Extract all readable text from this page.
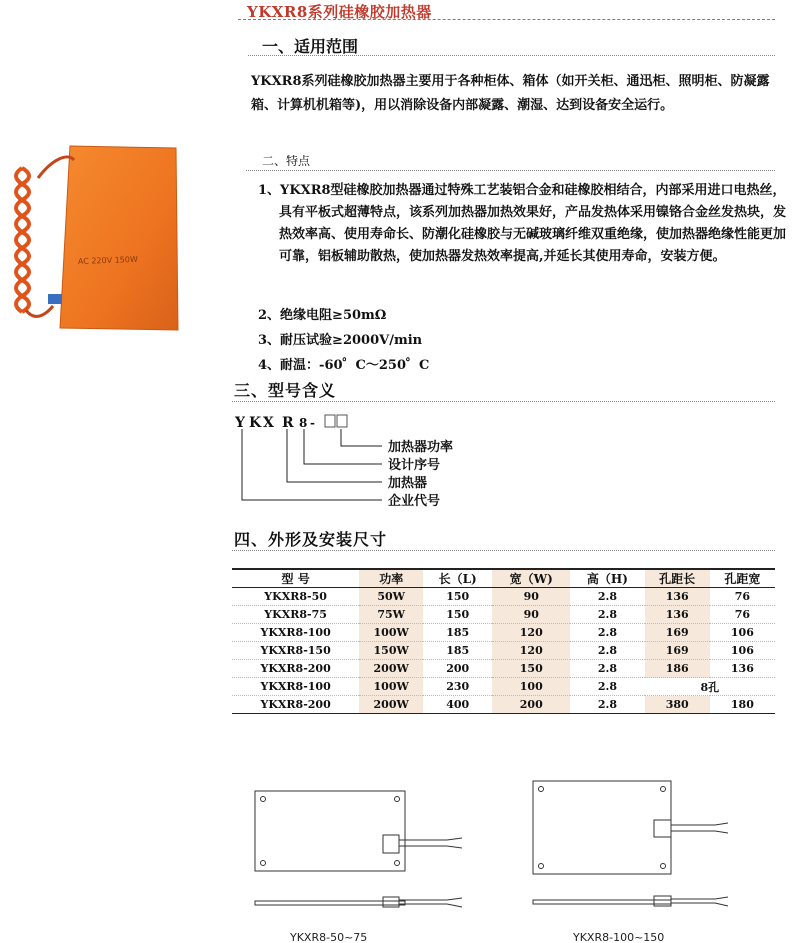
YKXR8系列硅橡胶加热器
一、适用范围
YKXR8系列硅橡胶加热器主要用于各种柜体、箱体（如开关柜、通迅柜、照明柜、防凝露箱、计算机机箱等)，用以消除设备内部凝露、潮湿、达到设备安全运行。
二、特点
1、YKXR8型硅橡胶加热器通过特殊工艺装铝合金和硅橡胶相结合，内部采用进口电热丝，具有平板式超薄特点，该系列加热器加热效果好，产品发热体采用镍铬合金丝发热块，发热效率高、使用寿命长、防潮化硅橡胶与无碱玻璃纤维双重绝缘，使加热器绝缘性能更加可靠，铝板辅助散热，使加热器发热效率提高,并延长其使用寿命，安装方便。
2、绝缘电阻≥50mΩ
3、耐压试验≥2000V/min
4、耐温：-60゜C～250゜C
AC 220V 150W
三、型号含义
Y K X R 8 -
加热器功率
设计序号
加热器
企业代号
四、外形及安装尺寸
型 号	功率	长（L)	宽（W)	高（H)	孔距长	孔距宽
YKXR8-50	50W	150	90	2.8	136	76
YKXR8-75	75W	150	90	2.8	136	76
YKXR8-100	100W	185	120	2.8	169	106
YKXR8-150	150W	185	120	2.8	169	106
YKXR8-200	200W	200	150	2.8	186	136
YKXR8-100	100W	230	100	2.8	8孔	
YKXR8-200	200W	400	200	2.8	380	180
YKXR8-50~75	YKXR8-100~150
